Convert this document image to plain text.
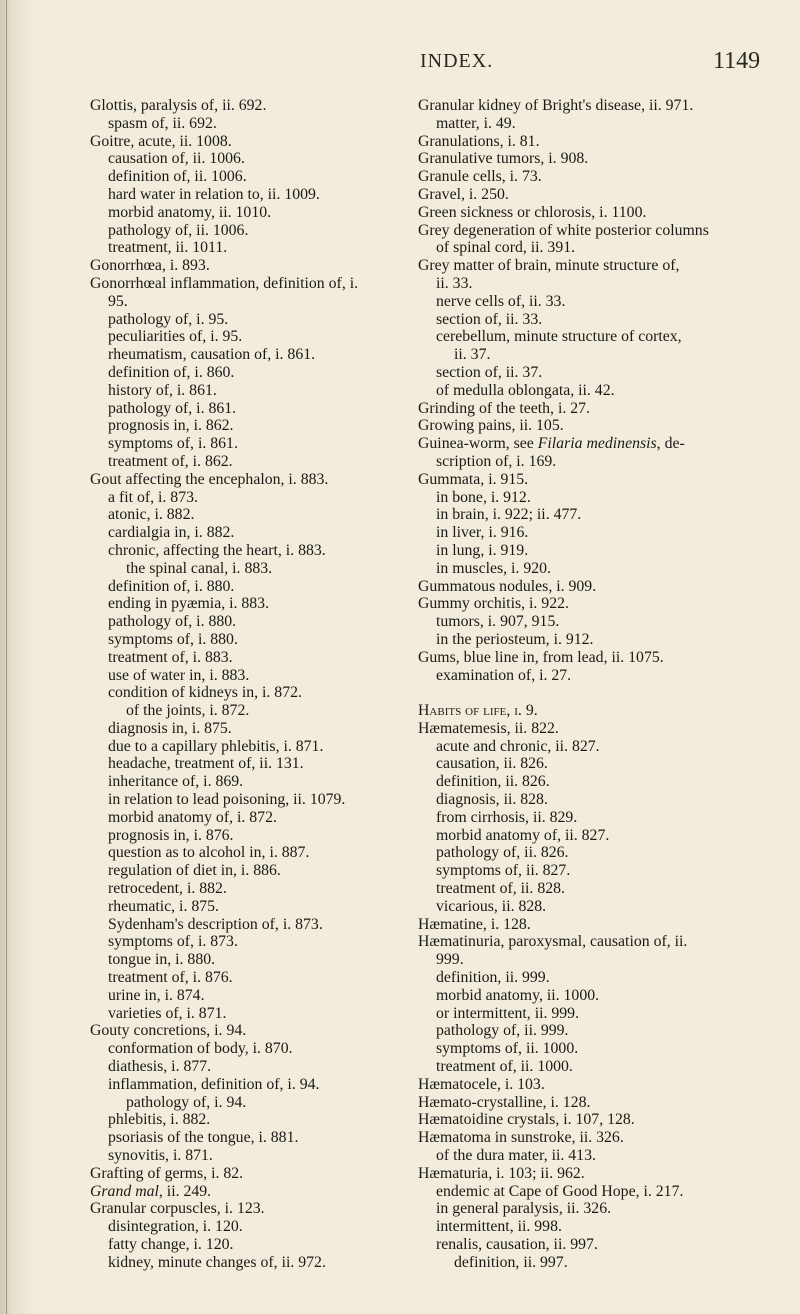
INDEX.	1149
Glottis, paralysis of, ii. 692.
spasm of, ii. 692.
Goitre, acute, ii. 1008.
causation of, ii. 1006.
definition of, ii. 1006.
hard water in relation to, ii. 1009.
morbid anatomy, ii. 1010.
pathology of, ii. 1006.
treatment, ii. 1011.
Gonorrhœa, i. 893.
Gonorrhœal inflammation, definition of, i.
95.
pathology of, i. 95.
peculiarities of, i. 95.
rheumatism, causation of, i. 861.
definition of, i. 860.
history of, i. 861.
pathology of, i. 861.
prognosis in, i. 862.
symptoms of, i. 861.
treatment of, i. 862.
Gout affecting the encephalon, i. 883.
a fit of, i. 873.
atonic, i. 882.
cardialgia in, i. 882.
chronic, affecting the heart, i. 883.
the spinal canal, i. 883.
definition of, i. 880.
ending in pyæmia, i. 883.
pathology of, i. 880.
symptoms of, i. 880.
treatment of, i. 883.
use of water in, i. 883.
condition of kidneys in, i. 872.
of the joints, i. 872.
diagnosis in, i. 875.
due to a capillary phlebitis, i. 871.
headache, treatment of, ii. 131.
inheritance of, i. 869.
in relation to lead poisoning, ii. 1079.
morbid anatomy of, i. 872.
prognosis in, i. 876.
question as to alcohol in, i. 887.
regulation of diet in, i. 886.
retrocedent, i. 882.
rheumatic, i. 875.
Sydenham's description of, i. 873.
symptoms of, i. 873.
tongue in, i. 880.
treatment of, i. 876.
urine in, i. 874.
varieties of, i. 871.
Gouty concretions, i. 94.
conformation of body, i. 870.
diathesis, i. 877.
inflammation, definition of, i. 94.
pathology of, i. 94.
phlebitis, i. 882.
psoriasis of the tongue, i. 881.
synovitis, i. 871.
Grafting of germs, i. 82.
Grand mal, ii. 249.
Granular corpuscles, i. 123.
disintegration, i. 120.
fatty change, i. 120.
kidney, minute changes of, ii. 972.
Granular kidney of Bright's disease, ii. 971.
matter, i. 49.
Granulations, i. 81.
Granulative tumors, i. 908.
Granule cells, i. 73.
Gravel, i. 250.
Green sickness or chlorosis, i. 1100.
Grey degeneration of white posterior columns
of spinal cord, ii. 391.
Grey matter of brain, minute structure of,
ii. 33.
nerve cells of, ii. 33.
section of, ii. 33.
cerebellum, minute structure of cortex,
ii. 37.
section of, ii. 37.
of medulla oblongata, ii. 42.
Grinding of the teeth, i. 27.
Growing pains, ii. 105.
Guinea-worm, see Filaria medinensis, de-
scription of, i. 169.
Gummata, i. 915.
in bone, i. 912.
in brain, i. 922; ii. 477.
in liver, i. 916.
in lung, i. 919.
in muscles, i. 920.
Gummatous nodules, i. 909.
Gummy orchitis, i. 922.
tumors, i. 907, 915.
in the periosteum, i. 912.
Gums, blue line in, from lead, ii. 1075.
examination of, i. 27.
Habits of life, i. 9.
Hæmatemesis, ii. 822.
acute and chronic, ii. 827.
causation, ii. 826.
definition, ii. 826.
diagnosis, ii. 828.
from cirrhosis, ii. 829.
morbid anatomy of, ii. 827.
pathology of, ii. 826.
symptoms of, ii. 827.
treatment of, ii. 828.
vicarious, ii. 828.
Hæmatine, i. 128.
Hæmatinuria, paroxysmal, causation of, ii.
999.
definition, ii. 999.
morbid anatomy, ii. 1000.
or intermittent, ii. 999.
pathology of, ii. 999.
symptoms of, ii. 1000.
treatment of, ii. 1000.
Hæmatocele, i. 103.
Hæmato-crystalline, i. 128.
Hæmatoidine crystals, i. 107, 128.
Hæmatoma in sunstroke, ii. 326.
of the dura mater, ii. 413.
Hæmaturia, i. 103; ii. 962.
endemic at Cape of Good Hope, i. 217.
in general paralysis, ii. 326.
intermittent, ii. 998.
renalis, causation, ii. 997.
definition, ii. 997.
